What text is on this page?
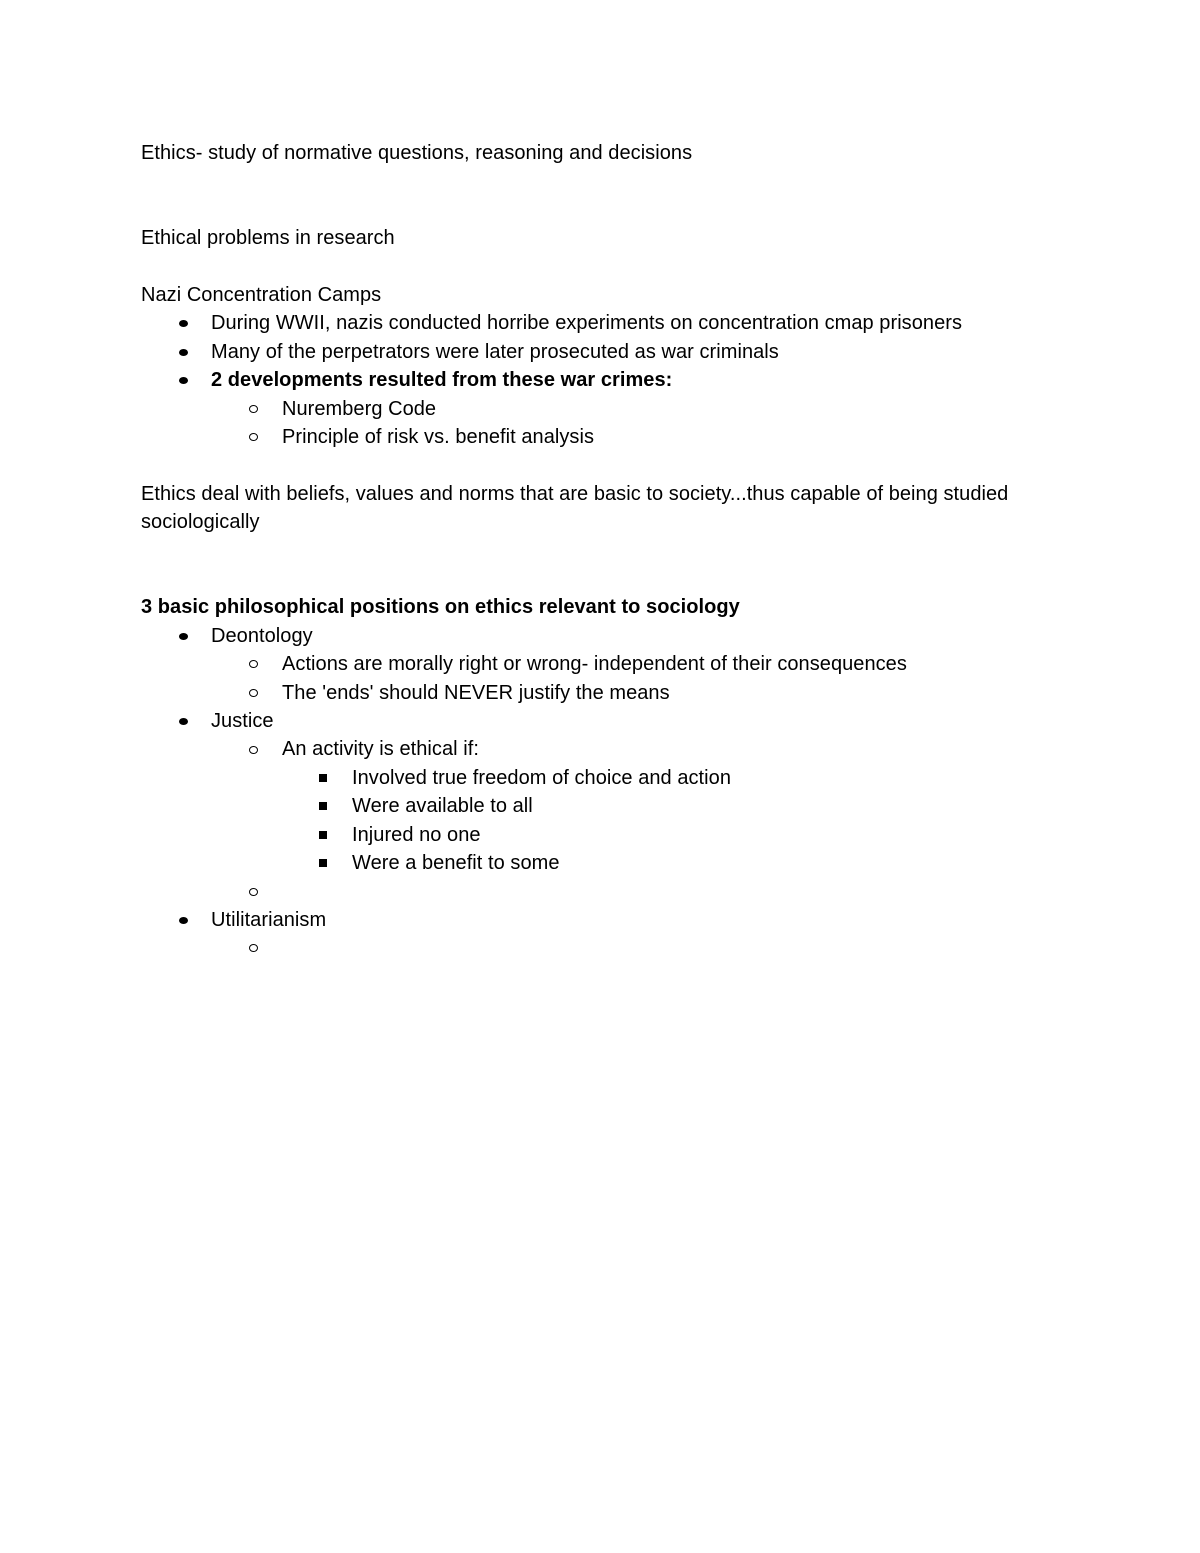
Ethics- study of normative questions, reasoning and decisions

Ethical problems in research

Nazi Concentration Camps

During WWII, nazis conducted horribe experiments on concentration cmap prisoners
Many of the perpetrators were later prosecuted as war criminals
2 developments resulted from these war crimes:
Nuremberg Code
Principle of risk vs. benefit analysis

Ethics deal with beliefs, values and norms that are basic to society...thus capable of being studied sociologically

3 basic philosophical positions on ethics relevant to sociology

Deontology
Actions are morally right or wrong- independent of their consequences
The 'ends' should NEVER justify the means
Justice
An activity is ethical if:
Involved true freedom of choice and action
Were available to all
Injured no one
Were a benefit to some
Utilitarianism
